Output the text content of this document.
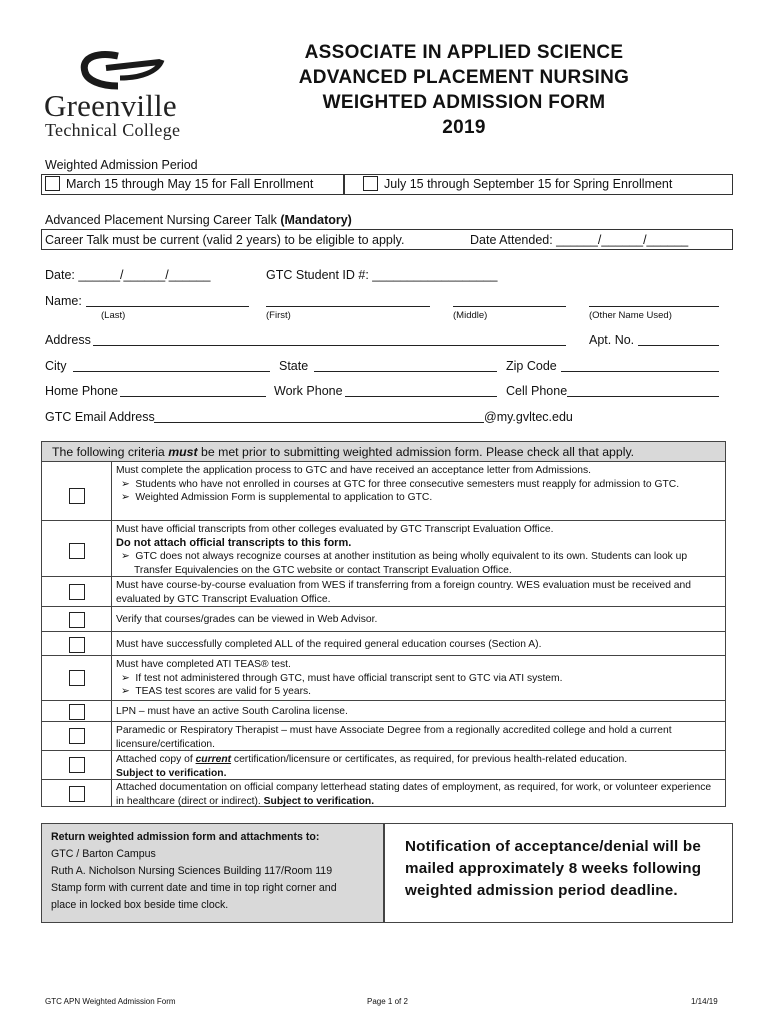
Greenville
Technical College
ASSOCIATE IN APPLIED SCIENCE
ADVANCED PLACEMENT NURSING
WEIGHTED ADMISSION FORM
2019
Weighted Admission Period
March 15 through May 15 for Fall Enrollment	July 15 through September 15 for Spring Enrollment
Advanced Placement Nursing Career Talk (Mandatory)
Career Talk must be current (valid 2 years) to be eligible to apply.	Date Attended: ______/______/______
Date: ______/______/______	GTC Student ID #: __________________
Name:
(Last)	(First)	(Middle)	(Other Name Used)
Address	Apt. No.
City	State	Zip Code
Home Phone	Work Phone	Cell Phone
GTC Email Address	@my.gvltec.edu
The following criteria must be met prior to submitting weighted admission form. Please check all that apply.
Must complete the application process to GTC and have received an acceptance letter from Admissions.
➢  Students who have not enrolled in courses at GTC for three consecutive semesters must reapply for admission to GTC.
➢  Weighted Admission Form is supplemental to application to GTC.
Must have official transcripts from other colleges evaluated by GTC Transcript Evaluation Office.
Do not attach official transcripts to this form.
➢  GTC does not always recognize courses at another institution as being wholly equivalent to its own. Students can look up Transfer Equivalencies on the GTC website or contact Transcript Evaluation Office.
Must have course-by-course evaluation from WES if transferring from a foreign country. WES evaluation must be received and evaluated by GTC Transcript Evaluation Office.
Verify that courses/grades can be viewed in Web Advisor.
Must have successfully completed ALL of the required general education courses (Section A).
Must have completed ATI TEAS® test.
➢  If test not administered through GTC, must have official transcript sent to GTC via ATI system.
➢  TEAS test scores are valid for 5 years.
LPN – must have an active South Carolina license.
Paramedic or Respiratory Therapist – must have Associate Degree from a regionally accredited college and hold a current licensure/certification.
Attached copy of current certification/licensure or certificates, as required, for previous health-related education.
Subject to verification.
Attached documentation on official company letterhead stating dates of employment, as required, for work, or volunteer experience in healthcare (direct or indirect). Subject to verification.
Return weighted admission form and attachments to:
GTC / Barton Campus
Ruth A. Nicholson Nursing Sciences Building 117/Room 119
Stamp form with current date and time in top right corner and
place in locked box beside time clock.
Notification of acceptance/denial will be
mailed approximately 8 weeks following
weighted admission period deadline.
GTC APN Weighted Admission Form	Page 1 of 2	1/14/19
